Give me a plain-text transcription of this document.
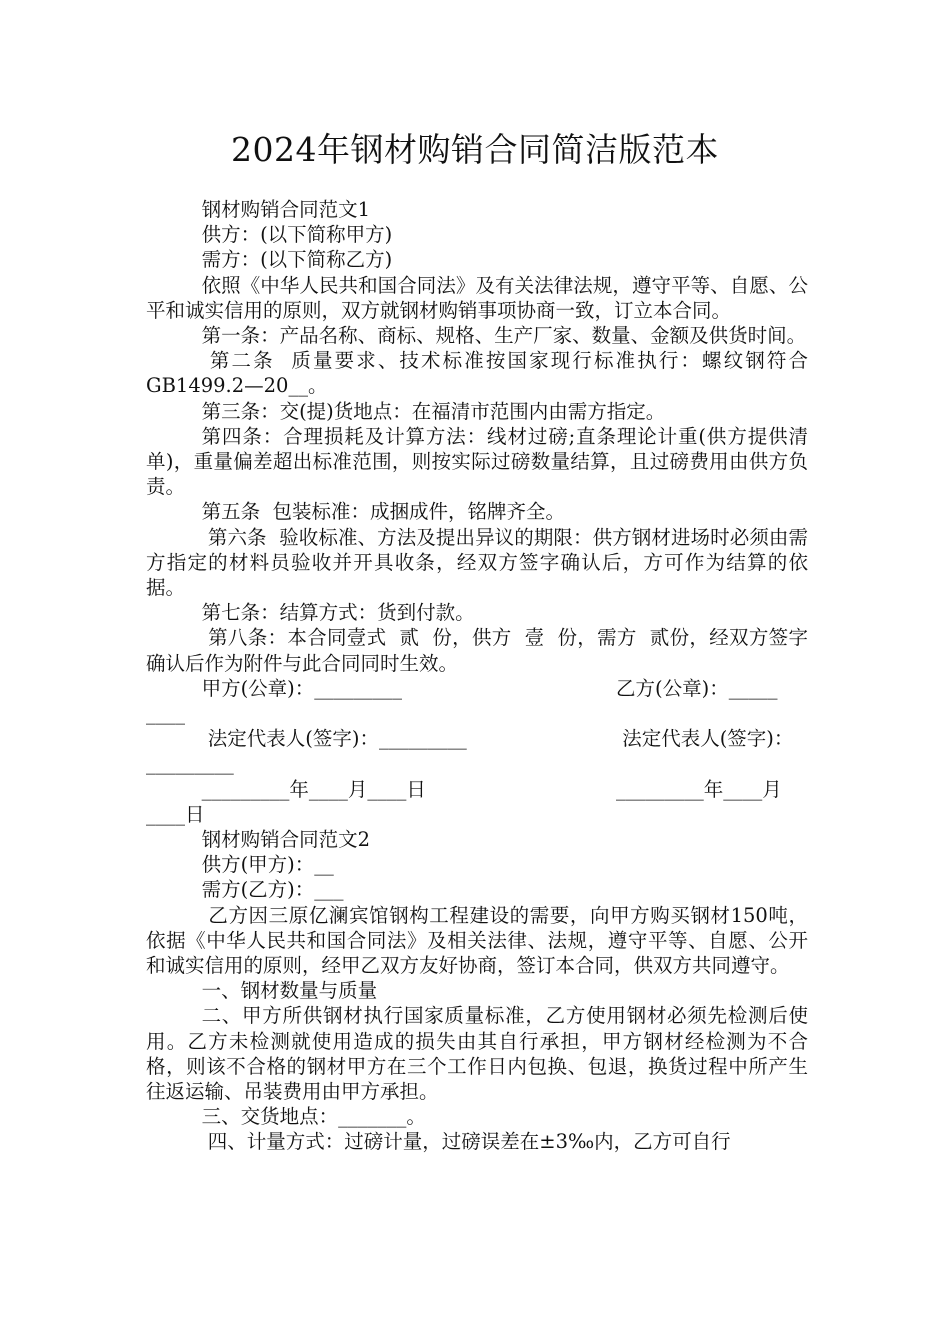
2024年钢材购销合同简洁版范本

钢材购销合同范文1

供方：(以下简称甲方)

需方：(以下简称乙方)

依照《中华人民共和国合同法》及有关法律法规，遵守平等、自愿、公平和诚实信用的原则，双方就钢材购销事项协商一致，订立本合同。

第一条：产品名称、商标、规格、生产厂家、数量、金额及供货时间。

第二条  质量要求、技术标准按国家现行标准执行：螺纹钢符合GB1499.2—20__。

第三条：交(提)货地点：在福清市范围内由需方指定。

第四条：合理损耗及计算方法：线材过磅;直条理论计重(供方提供清单)，重量偏差超出标准范围，则按实际过磅数量结算，且过磅费用由供方负责。

第五条  包装标准：成捆成件，铭牌齐全。

第六条  验收标准、方法及提出异议的期限：供方钢材进场时必须由需方指定的材料员验收并开具收条，经双方签字确认后，方可作为结算的依据。

第七条：结算方式：货到付款。

第八条：本合同壹式  贰  份，供方  壹  份，需方  贰份，经双方签字确认后作为附件与此合同同时生效。

甲方(公章)：_________	乙方(公章)：_____
____
法定代表人(签字)：_________	法定代表人(签字)：
_________
_________年____月____日	_________年____月
____日

钢材购销合同范文2

供方(甲方)：__

需方(乙方)：___

乙方因三原亿澜宾馆钢构工程建设的需要，向甲方购买钢材150吨，依据《中华人民共和国合同法》及相关法律、法规，遵守平等、自愿、公开和诚实信用的原则，经甲乙双方友好协商，签订本合同，供双方共同遵守。

一、钢材数量与质量

二、甲方所供钢材执行国家质量标准，乙方使用钢材必须先检测后使用。乙方未检测就使用造成的损失由其自行承担，甲方钢材经检测为不合格，则该不合格的钢材甲方在三个工作日内包换、包退，换货过程中所产生往返运输、吊装费用由甲方承担。

三、交货地点：_______。

四、计量方式：过磅计量，过磅误差在±3‰内，乙方可自行
